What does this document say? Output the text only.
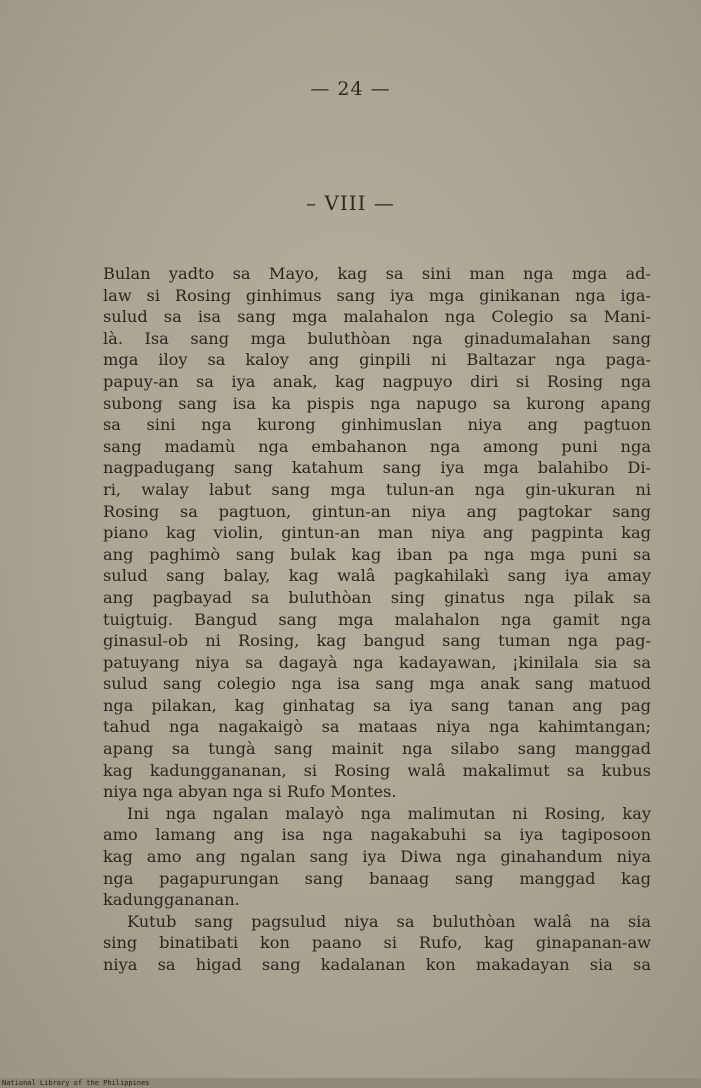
— 24 —
– VIII —
Bulan yadto sa Mayo, kag sa sini man nga mga ad-
law si Rosing ginhimus sang iya mga ginikanan nga iga-
sulud sa isa sang mga malahalon nga Colegio sa Mani-
là. Isa sang mga buluthòan nga ginadumalahan sang
mga iloy sa kaloy ang ginpili ni Baltazar nga paga-
papuy-an sa iya anak, kag nagpuyo diri si Rosing nga
subong sang isa ka pispis nga napugo sa kurong apang
sa sini nga kurong ginhimuslan niya ang pagtuon
sang madamù nga embahanon nga among puni nga
nagpadugang sang katahum sang iya mga balahibo Di-
ri, walay labut sang mga tulun-an nga gin-ukuran ni
Rosing sa pagtuon, gintun-an niya ang pagtokar sang
piano kag violin, gintun-an man niya ang pagpinta kag
ang paghimò sang bulak kag iban pa nga mga puni sa
sulud sang balay, kag walâ pagkahilakì sang iya amay
ang pagbayad sa buluthòan sing ginatus nga pilak sa
tuigtuig. Bangud sang mga malahalon nga gamit nga
ginasul-ob ni Rosing, kag bangud sang tuman nga pag-
patuyang niya sa dagayà nga kadayawan, ¡kinilala sia sa
sulud sang colegio nga isa sang mga anak sang matuod
nga pilakan, kag ginhatag sa iya sang tanan ang pag
tahud nga nagakaigò sa mataas niya nga kahimtangan;
apang sa tungà sang mainit nga silabo sang manggad
kag kadunggananan, si Rosing walâ makalimut sa kubus
niya nga abyan nga si Rufo Montes.
Ini nga ngalan malayò nga malimutan ni Rosing, kay
amo lamang ang isa nga nagakabuhi sa iya tagiposoon
kag amo ang ngalan sang iya Diwa nga ginahandum niya
nga pagapurungan sang banaag sang manggad kag
kadunggananan.
Kutub sang pagsulud niya sa buluthòan walâ na sia
sing binatibati kon paano si Rufo, kag ginapanan-aw
niya sa higad sang kadalanan kon makadayan sia sa
National Library of the Philippines
